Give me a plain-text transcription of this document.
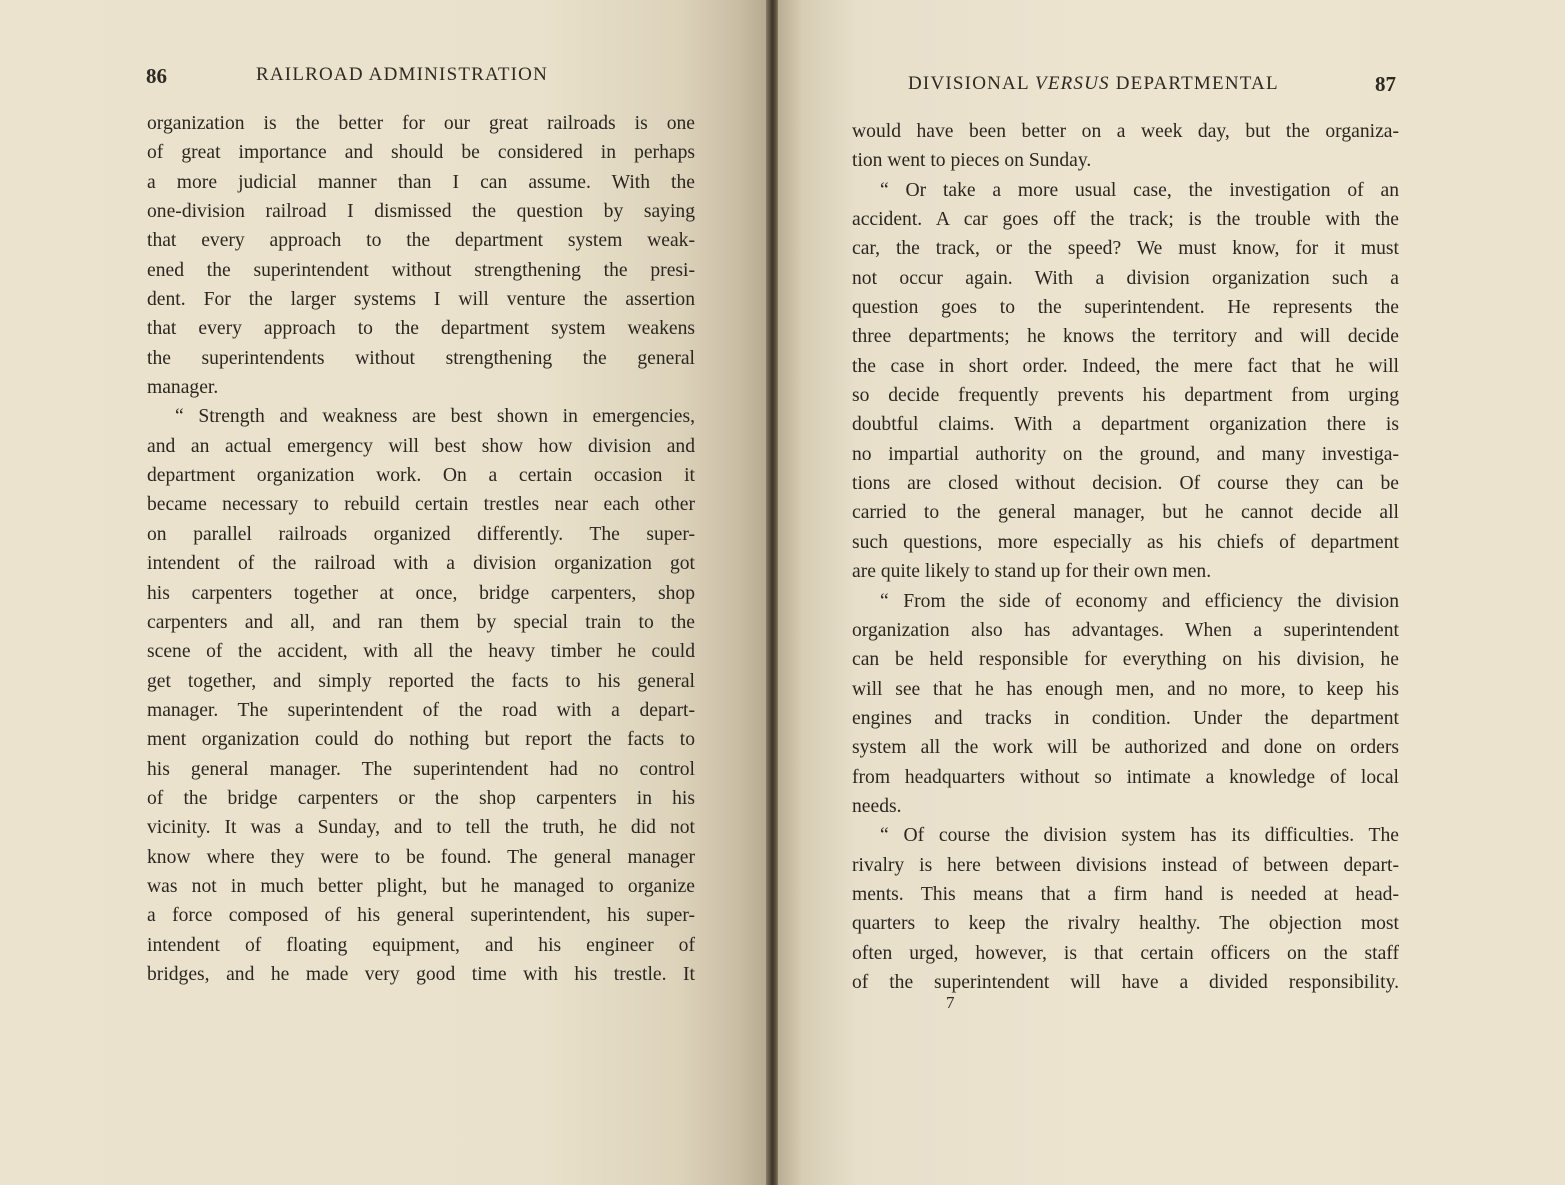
86	RAILROAD ADMINISTRATION
organization is the better for our great railroads is one
of great importance and should be considered in perhaps
a more judicial manner than I can assume. With the
one-division railroad I dismissed the question by saying
that every approach to the department system weak-
ened the superintendent without strengthening the presi-
dent. For the larger systems I will venture the assertion
that every approach to the department system weakens
the superintendents without strengthening the general
manager.
“ Strength and weakness are best shown in emergencies,
and an actual emergency will best show how division and
department organization work. On a certain occasion it
became necessary to rebuild certain trestles near each other
on parallel railroads organized differently. The super-
intendent of the railroad with a division organization got
his carpenters together at once, bridge carpenters, shop
carpenters and all, and ran them by special train to the
scene of the accident, with all the heavy timber he could
get together, and simply reported the facts to his general
manager. The superintendent of the road with a depart-
ment organization could do nothing but report the facts to
his general manager. The superintendent had no control
of the bridge carpenters or the shop carpenters in his
vicinity. It was a Sunday, and to tell the truth, he did not
know where they were to be found. The general manager
was not in much better plight, but he managed to organize
a force composed of his general superintendent, his super-
intendent of floating equipment, and his engineer of
bridges, and he made very good time with his trestle. It
DIVISIONAL VERSUS DEPARTMENTAL	87
would have been better on a week day, but the organiza-
tion went to pieces on Sunday.
“ Or take a more usual case, the investigation of an
accident. A car goes off the track; is the trouble with the
car, the track, or the speed? We must know, for it must
not occur again. With a division organization such a
question goes to the superintendent. He represents the
three departments; he knows the territory and will decide
the case in short order. Indeed, the mere fact that he will
so decide frequently prevents his department from urging
doubtful claims. With a department organization there is
no impartial authority on the ground, and many investiga-
tions are closed without decision. Of course they can be
carried to the general manager, but he cannot decide all
such questions, more especially as his chiefs of department
are quite likely to stand up for their own men.
“ From the side of economy and efficiency the division
organization also has advantages. When a superintendent
can be held responsible for everything on his division, he
will see that he has enough men, and no more, to keep his
engines and tracks in condition. Under the department
system all the work will be authorized and done on orders
from headquarters without so intimate a knowledge of local
needs.
“ Of course the division system has its difficulties. The
rivalry is here between divisions instead of between depart-
ments. This means that a firm hand is needed at head-
quarters to keep the rivalry healthy. The objection most
often urged, however, is that certain officers on the staff
of the superintendent will have a divided responsibility.
7
